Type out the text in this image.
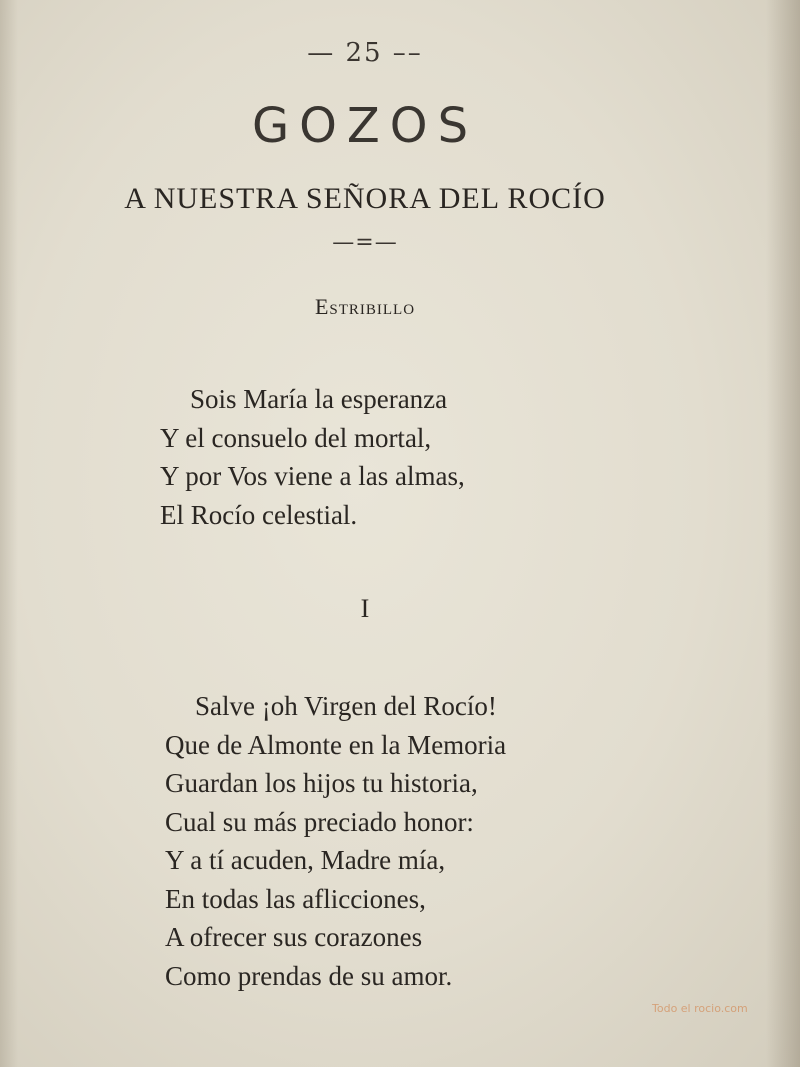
— 25 ––
GOZOS
A NUESTRA SEÑORA DEL ROCÍO
—=—
Estribillo
Sois María la esperanza
Y el consuelo del mortal,
Y por Vos viene a las almas,
El Rocío celestial.
I
Salve ¡oh Virgen del Rocío!
Que de Almonte en la Memoria
Guardan los hijos tu historia,
Cual su más preciado honor:
Y a tí acuden, Madre mía,
En todas las aflicciones,
A ofrecer sus corazones
Como prendas de su amor.
Todo el rocio.com
